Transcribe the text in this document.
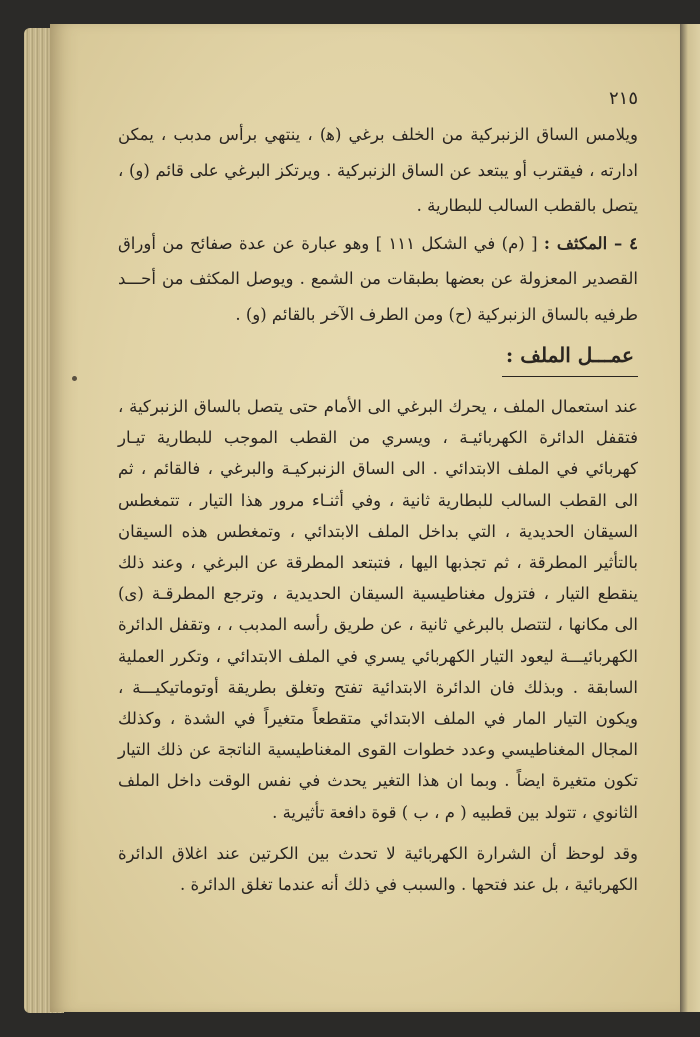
٢١٥

ويلامس الساق الزنبركية من الخلف برغي (ﻫ) ، ينتهي برأس مدبب ، يمكن ادارته ، فيقترب أو يبتعد عن الساق الزنبركية . ويرتكز البرغي على قائم (و) ، يتصل بالقطب السالب للبطارية .

٤ – المكثف : [ (م) في الشكل ١١١ ] وهو عبارة عن عدة صفائح من أوراق القصدير المعزولة عن بعضها بطبقات من الشمع . ويوصل المكثف من أحـــد طرفيه بالساق الزنبركية (ح) ومن الطرف الآخر بالقائم (و) .

عمـــل الملف :

عند استعمال الملف ، يحرك البرغي الى الأمام حتى يتصل بالساق الزنبركية ، فتقفل الدائرة الكهربائيـة ، ويسري من القطب الموجب للبطارية تيـار كهربائي في الملف الابتدائي . الى الساق الزنبركيـة والبرغي ، فالقائم ، ثم الى القطب السالب للبطارية ثانية ، وفي أثنـاء مرور هذا التيار ، تتمغطس السيقان الحديدية ، التي بداخل الملف الابتدائي ، وتمغطس هذه السيقان بالتأثير المطرقة ، ثم تجذبها اليها ، فتبتعد المطرقة عن البرغي ، وعند ذلك ينقطع التيار ، فتزول مغناطيسية السيقان الحديدية ، وترجع المطرقـة (ى) الى مكانها ، لتتصل بالبرغي ثانية ، عن طريق رأسه المدبب ، ، وتقفل الدائرة الكهربائيـــة ليعود التيار الكهربائي يسري في الملف الابتدائي ، وتكرر العملية السابقة . وبذلك فان الدائرة الابتدائية تفتح وتغلق بطريقة أوتوماتيكيـــة ، ويكون التيار المار في الملف الابتدائي متقطعاً متغيراً في الشدة ، وكذلك المجال المغناطيسي وعدد خطوات القوى المغناطيسية الناتجة عن ذلك التيار تكون متغيرة ايضاً . وبما ان هذا التغير يحدث في نفس الوقت داخل الملف الثانوي ، تتولد بين قطبيه ( م ، ب ) قوة دافعة تأثيرية .

وقد لوحظ أن الشرارة الكهربائية لا تحدث بين الكرتين عند اغلاق الدائرة الكهربائية ، بل عند فتحها . والسبب في ذلك أنه عندما تغلق الدائرة .
